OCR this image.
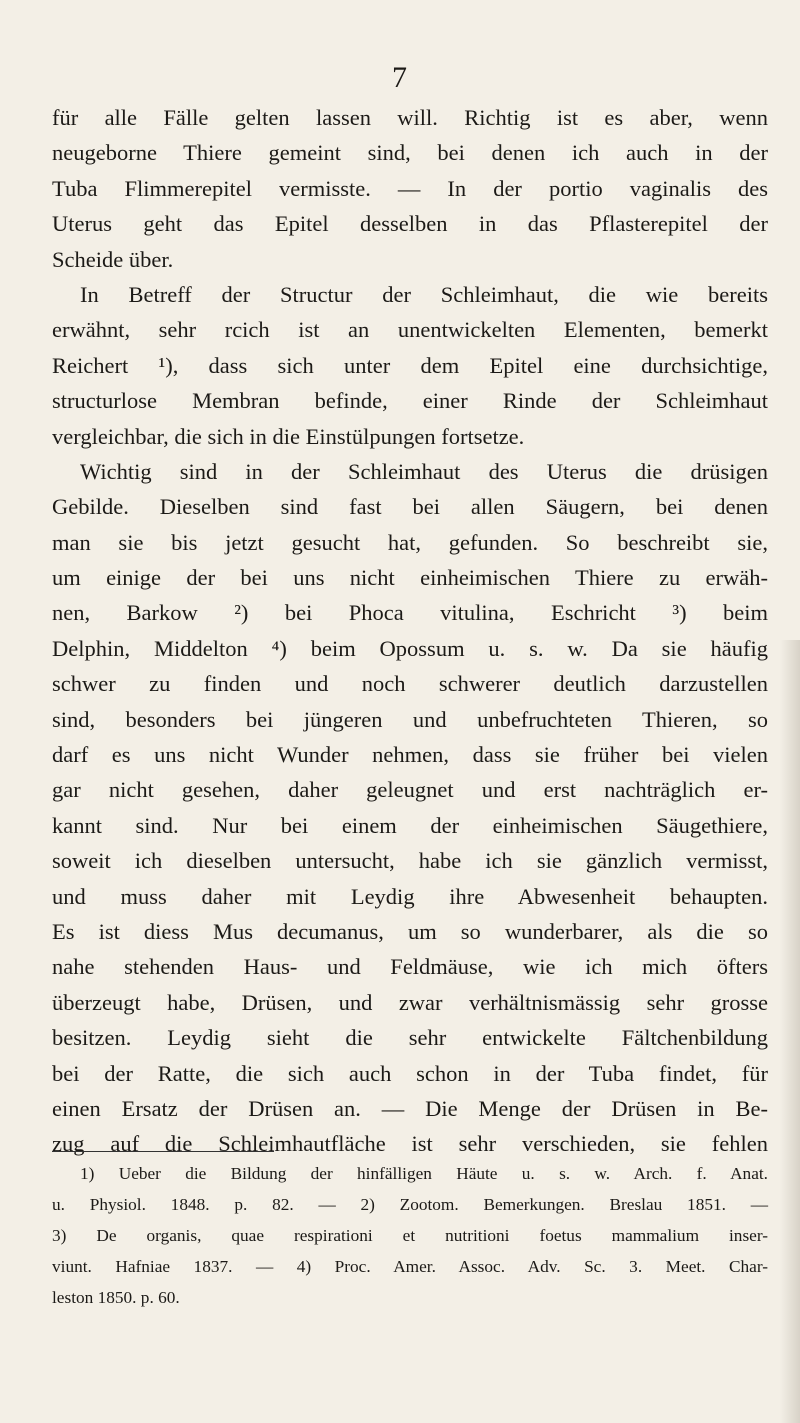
7
für alle Fälle gelten lassen will. Richtig ist es aber, wenn
neugeborne Thiere gemeint sind, bei denen ich auch in der
Tuba Flimmerepitel vermisste. — In der portio vaginalis des
Uterus geht das Epitel desselben in das Pflasterepitel der
Scheide über.
In Betreff der Structur der Schleimhaut, die wie bereits
erwähnt, sehr rcich ist an unentwickelten Elementen, bemerkt
Reichert ¹), dass sich unter dem Epitel eine durchsichtige,
structurlose Membran befinde, einer Rinde der Schleimhaut
vergleichbar, die sich in die Einstülpungen fortsetze.
Wichtig sind in der Schleimhaut des Uterus die drüsigen
Gebilde. Dieselben sind fast bei allen Säugern, bei denen
man sie bis jetzt gesucht hat, gefunden. So beschreibt sie,
um einige der bei uns nicht einheimischen Thiere zu erwäh-
nen, Barkow ²) bei Phoca vitulina, Eschricht ³) beim
Delphin, Middelton ⁴) beim Opossum u. s. w. Da sie häufig
schwer zu finden und noch schwerer deutlich darzustellen
sind, besonders bei jüngeren und unbefruchteten Thieren, so
darf es uns nicht Wunder nehmen, dass sie früher bei vielen
gar nicht gesehen, daher geleugnet und erst nachträglich er-
kannt sind. Nur bei einem der einheimischen Säugethiere,
soweit ich dieselben untersucht, habe ich sie gänzlich vermisst,
und muss daher mit Leydig ihre Abwesenheit behaupten.
Es ist diess Mus decumanus, um so wunderbarer, als die so
nahe stehenden Haus- und Feldmäuse, wie ich mich öfters
überzeugt habe, Drüsen, und zwar verhältnismässig sehr grosse
besitzen. Leydig sieht die sehr entwickelte Fältchenbildung
bei der Ratte, die sich auch schon in der Tuba findet, für
einen Ersatz der Drüsen an. — Die Menge der Drüsen in Be-
zug auf die Schleimhautfläche ist sehr verschieden, sie fehlen
1) Ueber die Bildung der hinfälligen Häute u. s. w. Arch. f. Anat.
u. Physiol. 1848. p. 82. — 2) Zootom. Bemerkungen. Breslau 1851. —
3) De organis, quae respirationi et nutritioni foetus mammalium inser-
viunt. Hafniae 1837. — 4) Proc. Amer. Assoc. Adv. Sc. 3. Meet. Char-
leston 1850. p. 60.
